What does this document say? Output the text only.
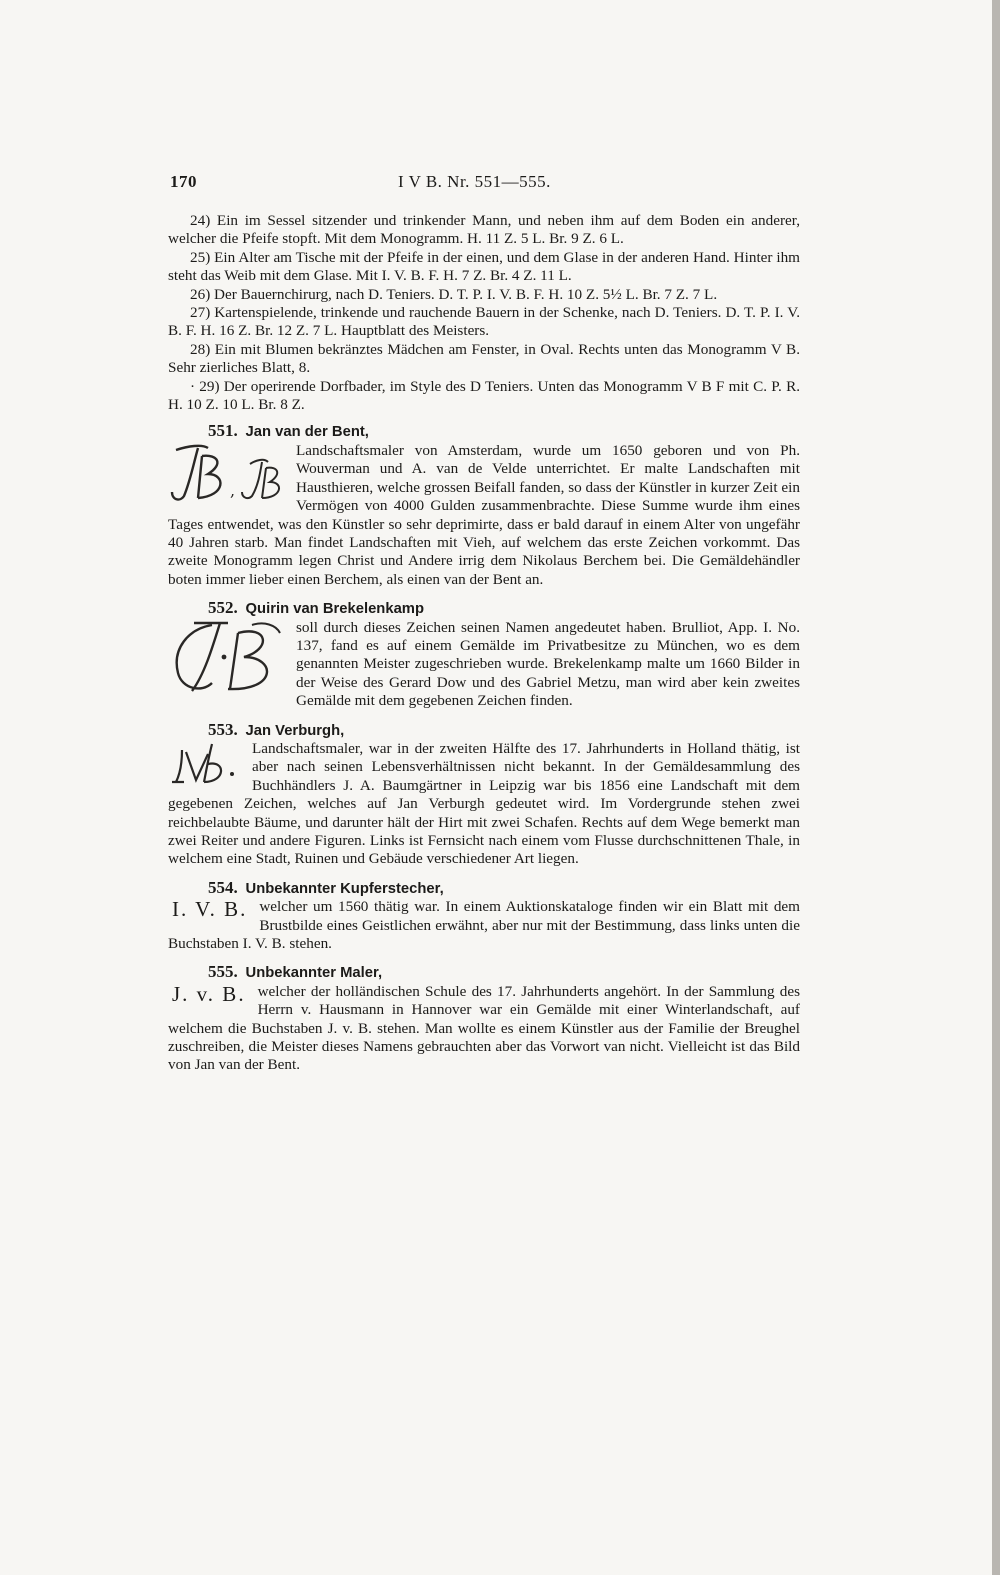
170	I V B. Nr. 551—555.

24) Ein im Sessel sitzender und trinkender Mann, und neben ihm auf dem Boden ein anderer, welcher die Pfeife stopft. Mit dem Monogramm. H. 11 Z. 5 L. Br. 9 Z. 6 L.

25) Ein Alter am Tische mit der Pfeife in der einen, und dem Glase in der anderen Hand. Hinter ihm steht das Weib mit dem Glase. Mit I. V. B. F. H. 7 Z. Br. 4 Z. 11 L.

26) Der Bauernchirurg, nach D. Teniers. D. T. P. I. V. B. F. H. 10 Z. 5½ L. Br. 7 Z. 7 L.

27) Kartenspielende, trinkende und rauchende Bauern in der Schenke, nach D. Teniers. D. T. P. I. V. B. F. H. 16 Z. Br. 12 Z. 7 L. Hauptblatt des Meisters.

28) Ein mit Blumen bekränztes Mädchen am Fenster, in Oval. Rechts unten das Monogramm V B. Sehr zierliches Blatt, 8.

· 29) Der operirende Dorfbader, im Style des D Teniers. Unten das Monogramm V B F mit C. P. R. H. 10 Z. 10 L. Br. 8 Z.

551. Jan van der Bent,

,

Landschaftsmaler von Amsterdam, wurde um 1650 geboren und von Ph. Wouverman und A. van de Velde unterrichtet. Er malte Landschaften mit Hausthieren, welche grossen Beifall fanden, so dass der Künstler in kurzer Zeit ein Vermögen von 4000 Gulden zusammenbrachte. Diese Summe wurde ihm eines Tages entwendet, was den Künstler so sehr deprimirte, dass er bald darauf in einem Alter von ungefähr 40 Jahren starb. Man findet Landschaften mit Vieh, auf welchem das erste Zeichen vorkommt. Das zweite Monogramm legen Christ und Andere irrig dem Nikolaus Berchem bei. Die Gemäldehändler boten immer lieber einen Berchem, als einen van der Bent an.

552. Quirin van Brekelenkamp

soll durch dieses Zeichen seinen Namen angedeutet haben. Brulliot, App. I. No. 137, fand es auf einem Gemälde im Privatbesitze zu München, wo es dem genannten Meister zugeschrieben wurde. Brekelenkamp malte um 1660 Bilder in der Weise des Gerard Dow und des Gabriel Metzu, man wird aber kein zweites Gemälde mit dem gegebenen Zeichen finden.

553. Jan Verburgh,

Landschaftsmaler, war in der zweiten Hälfte des 17. Jahrhunderts in Holland thätig, ist aber nach seinen Lebensverhältnissen nicht bekannt. In der Gemäldesammlung des Buchhändlers J. A. Baumgärtner in Leipzig war bis 1856 eine Landschaft mit dem gegebenen Zeichen, welches auf Jan Verburgh gedeutet wird. Im Vordergrunde stehen zwei reichbelaubte Bäume, und darunter hält der Hirt mit zwei Schafen. Rechts auf dem Wege bemerkt man zwei Reiter und andere Figuren. Links ist Fernsicht nach einem vom Flusse durchschnittenen Thale, in welchem eine Stadt, Ruinen und Gebäude verschiedener Art liegen.

554. Unbekannter Kupferstecher,

I. V. B. welcher um 1560 thätig war. In einem Auktionskataloge finden wir ein Blatt mit dem Brustbilde eines Geistlichen erwähnt, aber nur mit der Bestimmung, dass links unten die Buchstaben I. V. B. stehen.

555. Unbekannter Maler,

J. v. B. welcher der holländischen Schule des 17. Jahrhunderts angehört. In der Sammlung des Herrn v. Hausmann in Hannover war ein Gemälde mit einer Winterlandschaft, auf welchem die Buchstaben J. v. B. stehen. Man wollte es einem Künstler aus der Familie der Breughel zuschreiben, die Meister dieses Namens gebrauchten aber das Vorwort van nicht. Vielleicht ist das Bild von Jan van der Bent.
